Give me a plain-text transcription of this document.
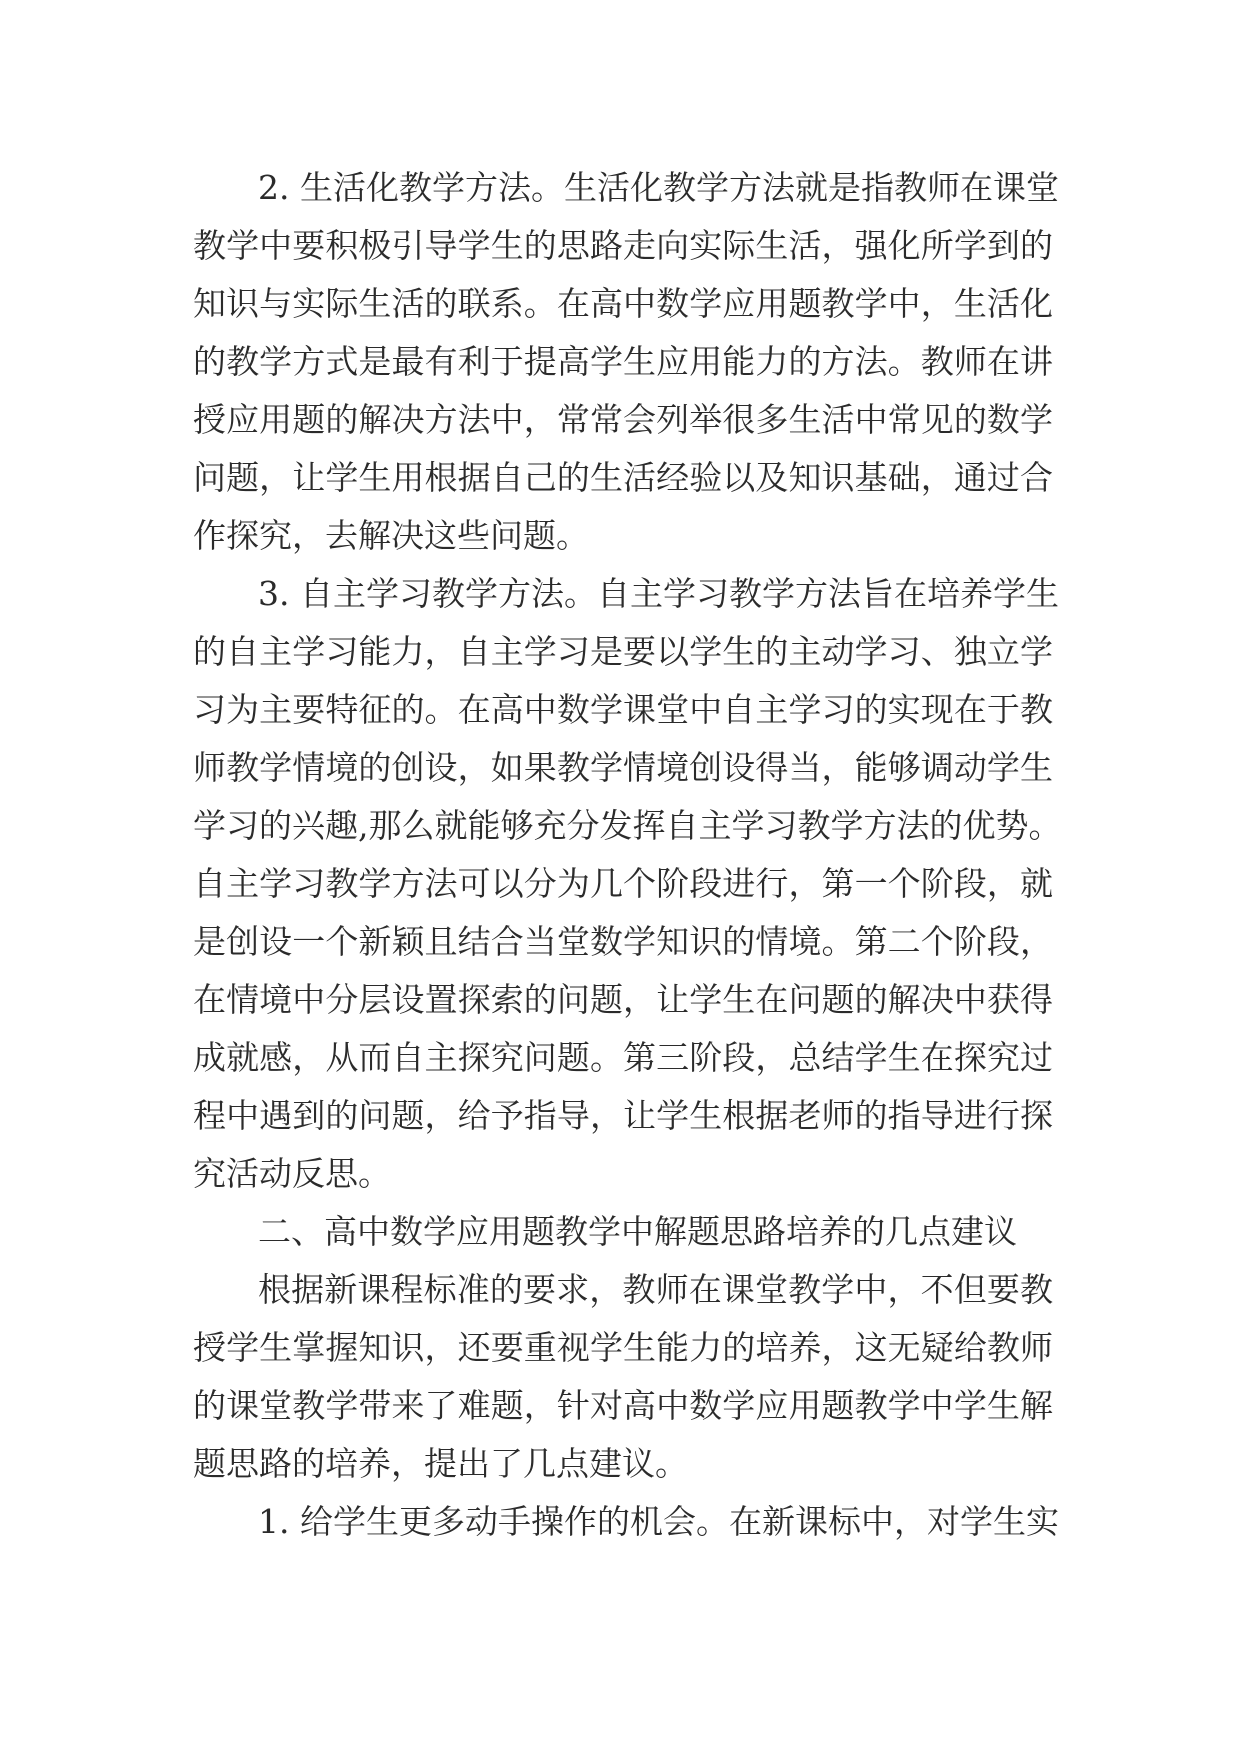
2. 生活化教学方法。生活化教学方法就是指教师在课堂
教学中要积极引导学生的思路走向实际生活，强化所学到的
知识与实际生活的联系。在高中数学应用题教学中，生活化
的教学方式是最有利于提高学生应用能力的方法。教师在讲
授应用题的解决方法中，常常会列举很多生活中常见的数学
问题，让学生用根据自己的生活经验以及知识基础，通过合
作探究，去解决这些问题。
3. 自主学习教学方法。自主学习教学方法旨在培养学生
的自主学习能力，自主学习是要以学生的主动学习、独立学
习为主要特征的。在高中数学课堂中自主学习的实现在于教
师教学情境的创设，如果教学情境创设得当，能够调动学生
学习的兴趣,那么就能够充分发挥自主学习教学方法的优势。
自主学习教学方法可以分为几个阶段进行，第一个阶段，就
是创设一个新颖且结合当堂数学知识的情境。第二个阶段，
在情境中分层设置探索的问题，让学生在问题的解决中获得
成就感，从而自主探究问题。第三阶段，总结学生在探究过
程中遇到的问题，给予指导，让学生根据老师的指导进行探
究活动反思。
二、高中数学应用题教学中解题思路培养的几点建议
根据新课程标准的要求，教师在课堂教学中，不但要教
授学生掌握知识，还要重视学生能力的培养，这无疑给教师
的课堂教学带来了难题，针对高中数学应用题教学中学生解
题思路的培养，提出了几点建议。
1. 给学生更多动手操作的机会。在新课标中，对学生实
